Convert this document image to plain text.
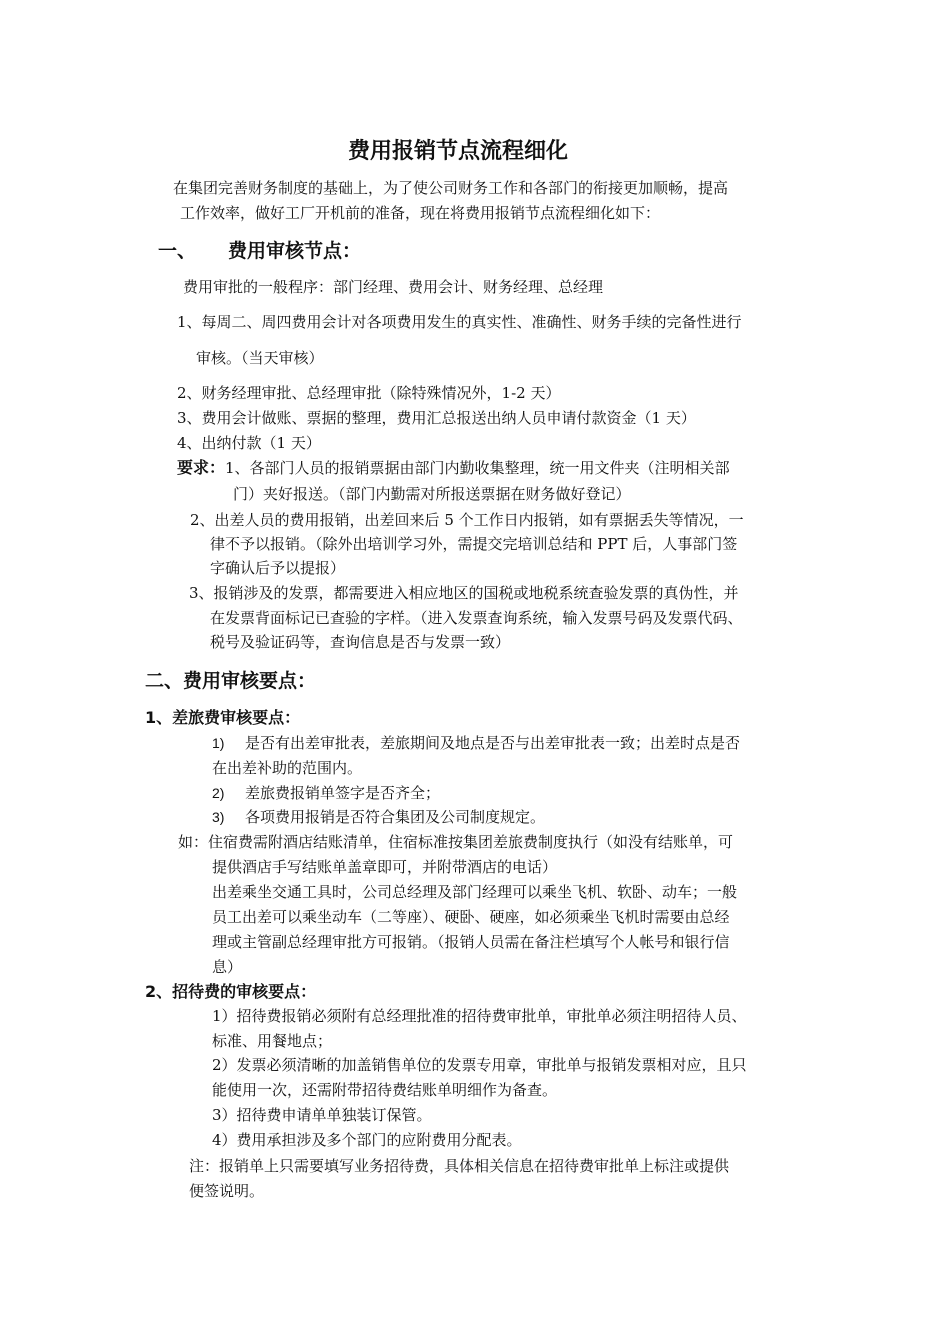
费用报销节点流程细化
在集团完善财务制度的基础上，为了使公司财务工作和各部门的衔接更加顺畅，提高
工作效率，做好工厂开机前的准备，现在将费用报销节点流程细化如下：
一、 费用审核节点：
费用审批的一般程序：部门经理、费用会计、财务经理、总经理
1、每周二、周四费用会计对各项费用发生的真实性、准确性、财务手续的完备性进行
审核。（当天审核）
2、财务经理审批、总经理审批（除特殊情况外，1-2 天）
3、费用会计做账、票据的整理，费用汇总报送出纳人员申请付款资金（1 天）
4、出纳付款（1 天）
要求：1、各部门人员的报销票据由部门内勤收集整理，统一用文件夹（注明相关部
门）夹好报送。（部门内勤需对所报送票据在财务做好登记）
2、出差人员的费用报销，出差回来后 5 个工作日内报销，如有票据丢失等情况，一
律不予以报销。（除外出培训学习外，需提交完培训总结和 PPT 后，人事部门签
字确认后予以提报）
3、报销涉及的发票，都需要进入相应地区的国税或地税系统查验发票的真伪性，并
在发票背面标记已查验的字样。（进入发票查询系统，输入发票号码及发票代码、
税号及验证码等，查询信息是否与发票一致）
二、费用审核要点：
1、差旅费审核要点：
1) 是否有出差审批表，差旅期间及地点是否与出差审批表一致；出差时点是否
在出差补助的范围内。
2) 差旅费报销单签字是否齐全；
3) 各项费用报销是否符合集团及公司制度规定。
如：住宿费需附酒店结账清单，住宿标准按集团差旅费制度执行（如没有结账单，可
提供酒店手写结账单盖章即可，并附带酒店的电话）
出差乘坐交通工具时，公司总经理及部门经理可以乘坐飞机、软卧、动车；一般
员工出差可以乘坐动车（二等座）、硬卧、硬座，如必须乘坐飞机时需要由总经
理或主管副总经理审批方可报销。（报销人员需在备注栏填写个人帐号和银行信
息）
2、招待费的审核要点：
1）招待费报销必须附有总经理批准的招待费审批单，审批单必须注明招待人员、
标准、用餐地点；
2）发票必须清晰的加盖销售单位的发票专用章，审批单与报销发票相对应，且只
能使用一次，还需附带招待费结账单明细作为备查。
3）招待费申请单单独装订保管。
4）费用承担涉及多个部门的应附费用分配表。
注：报销单上只需要填写业务招待费，具体相关信息在招待费审批单上标注或提供
便签说明。
